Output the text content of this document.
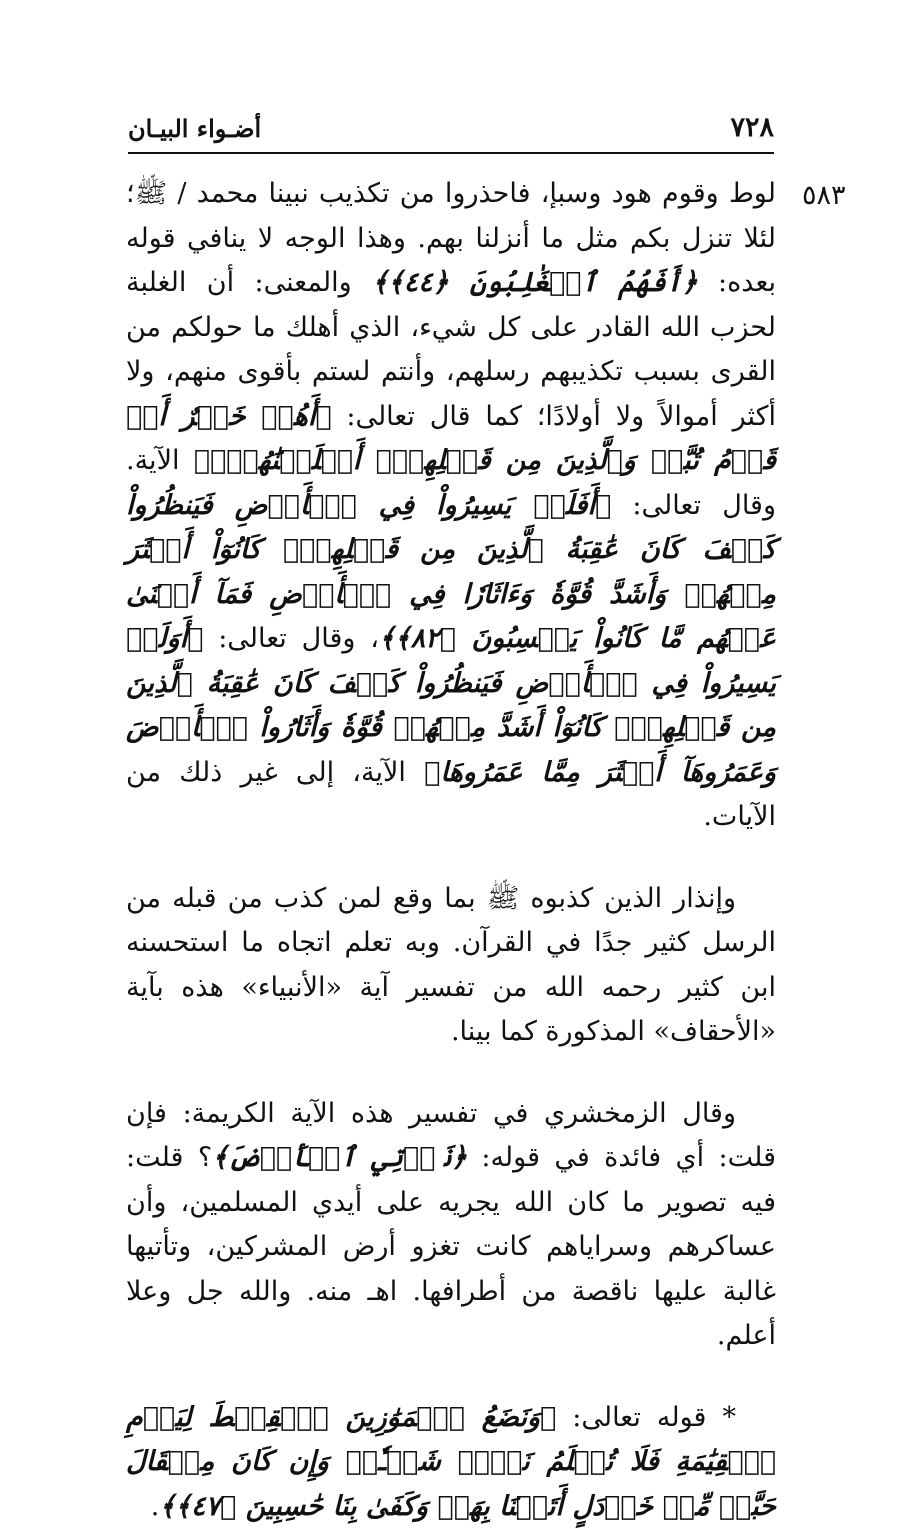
٧٢٨
أضـواء البيـان
٥٨٣

لوط وقوم هود وسبإ، فاحذروا من تكذيب نبينا محمد / ﷺ؛ لئلا تنزل بكم مثل ما أنزلنا بهم. وهذا الوجه لا ينافي قوله بعده: ﴿أَفَهُمُ ٱلۡغَٰلِبُونَ ﴿٤٤﴾﴾ والمعنى: أن الغلبة لحزب الله القادر على كل شيء، الذي أهلك ما حولكم من القرى بسبب تكذيبهم رسلهم، وأنتم لستم بأقوى منهم، ولا أكثر أموالاً ولا أولادًا؛ كما قال تعالى: ﴿أَهُمۡ خَيۡرٌ أَمۡ قَوۡمُ تُبَّعٖ وَٱلَّذِينَ مِن قَبۡلِهِمۡۚ أَهۡلَكۡنَٰهُمۡۖ﴾ الآية. وقال تعالى: ﴿أَفَلَمۡ يَسِيرُواْ فِي ٱلۡأَرۡضِ فَيَنظُرُواْ كَيۡفَ كَانَ عَٰقِبَةُ ٱلَّذِينَ مِن قَبۡلِهِمۡۚ كَانُوٓاْ أَكۡثَرَ مِنۡهُمۡ وَأَشَدَّ قُوَّةٗ وَءَاثَارٗا فِي ٱلۡأَرۡضِ فَمَآ أَغۡنَىٰ عَنۡهُم مَّا كَانُواْ يَكۡسِبُونَ ﴿٨٢﴾﴾، وقال تعالى: ﴿أَوَلَمۡ يَسِيرُواْ فِي ٱلۡأَرۡضِ فَيَنظُرُواْ كَيۡفَ كَانَ عَٰقِبَةُ ٱلَّذِينَ مِن قَبۡلِهِمۡۚ كَانُوٓاْ أَشَدَّ مِنۡهُمۡ قُوَّةٗ وَأَثَارُواْ ٱلۡأَرۡضَ وَعَمَرُوهَآ أَكۡثَرَ مِمَّا عَمَرُوهَا﴾ الآية، إلى غير ذلك من الآيات.

وإنذار الذين كذبوه ﷺ بما وقع لمن كذب من قبله من الرسل كثير جدًا في القرآن. وبه تعلم اتجاه ما استحسنه ابن كثير رحمه الله من تفسير آية «الأنبياء» هذه بآية «الأحقاف» المذكورة كما بينا.

وقال الزمخشري في تفسير هذه الآية الكريمة: فإن قلت: أي فائدة في قوله: ﴿نَأۡتِي ٱلۡأَرۡضَ﴾؟ قلت: فيه تصوير ما كان الله يجريه على أيدي المسلمين، وأن عساكرهم وسراياهم كانت تغزو أرض المشركين، وتأتيها غالبة عليها ناقصة من أطرافها. اهـ منه. والله جل وعلا أعلم.

* قوله تعالى: ﴿وَنَضَعُ ٱلۡمَوَٰزِينَ ٱلۡقِسۡطَ لِيَوۡمِ ٱلۡقِيَٰمَةِ فَلَا تُظۡلَمُ نَفۡسٞ شَيۡـٔٗاۖ وَإِن كَانَ مِثۡقَالَ حَبَّةٖ مِّنۡ خَرۡدَلٍ أَتَيۡنَا بِهَاۗ وَكَفَىٰ بِنَا حَٰسِبِينَ ﴿٤٧﴾﴾.
